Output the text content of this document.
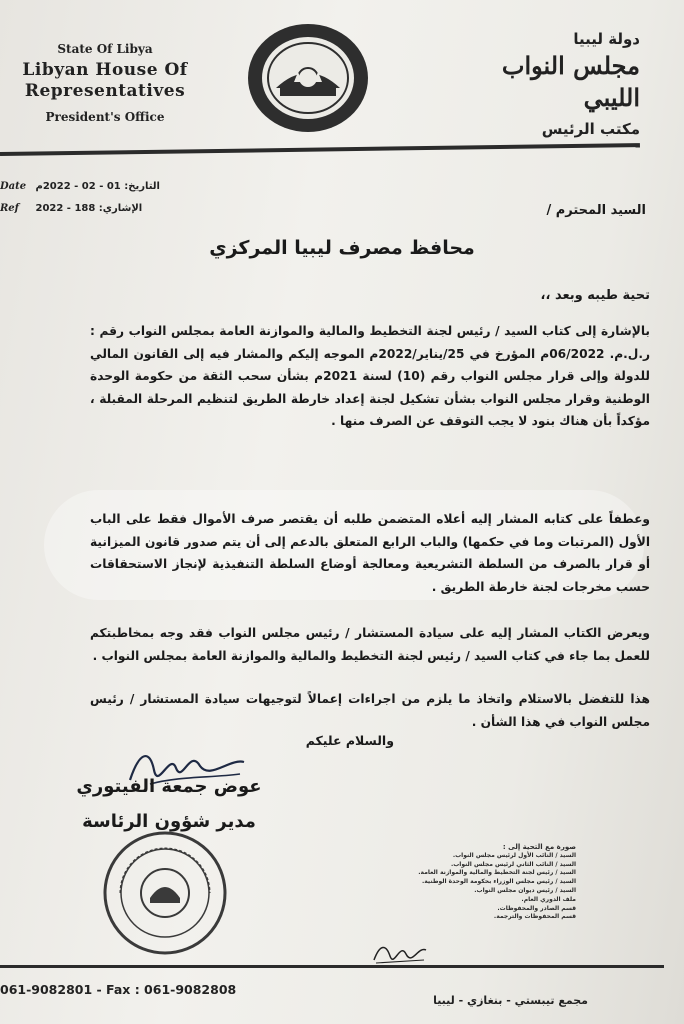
State Of Libya
Libyan House Of Representatives
President's Office
دولة ليبيا
مجلس النواب الليبي
مكتب الرئيس
Date التاريخ: 01 - 02 - 2022م
Ref الإشاري: 188 - 2022	السيد المحترم /
محافظ مصرف ليبيا المركزي
تحية طيبه وبعد ،،
بالإشارة إلى كتاب السيد / رئيس لجنة التخطيط والمالية والموازنة العامة بمجلس النواب رقم : ر.ل.م. 06/2022م المؤرخ في 25/يناير/2022م الموجه إليكم والمشار فيه إلى القانون المالي للدولة وإلى قرار مجلس النواب رقم (10) لسنة 2021م بشأن سحب الثقة من حكومة الوحدة الوطنية وقرار مجلس النواب بشأن تشكيل لجنة إعداد خارطة الطريق لتنظيم المرحلة المقبلة ، مؤكداً بأن هناك بنود لا يجب التوقف عن الصرف منها .
وعطفاً على كتابه المشار إليه أعلاه المتضمن طلبه أن يقتصر صرف الأموال فقط على الباب الأول (المرتبات وما في حكمها) والباب الرابع المتعلق بالدعم إلى أن يتم صدور قانون الميزانية أو قرار بالصرف من السلطة التشريعية ومعالجة أوضاع السلطة التنفيذية لإنجاز الاستحقاقات حسب مخرجات لجنة خارطة الطريق .
ويعرض الكتاب المشار إليه على سيادة المستشار / رئيس مجلس النواب فقد وجه بمخاطبتكم للعمل بما جاء في كتاب السيد / رئيس لجنة التخطيط والمالية والموازنة العامة بمجلس النواب .
هذا للتفضل بالاستلام واتخاذ ما يلزم من اجراءات إعمالاً لتوجيهات سيادة المستشار / رئيس مجلس النواب في هذا الشأن .
والسلام عليكم
عوض جمعة الفيتوري
مدير شؤون الرئاسة
صورة مع التحية إلى :
السيد / النائب الأول لرئيس مجلس النواب.
السيد / النائب الثاني لرئيس مجلس النواب.
السيد / رئيس لجنة التخطيط والمالية والموازنة العامة.
السيد / رئيس مجلس الوزراء بحكومة الوحدة الوطنية.
السيد / رئيس ديوان مجلس النواب.
ملف الدوري العام.
قسم الصادر والمحفوظات.
قسم المحفوظات والترجمة.
061-9082801 - Fax : 061-9082808
مجمع تيبستي - بنغازي - ليبيا
